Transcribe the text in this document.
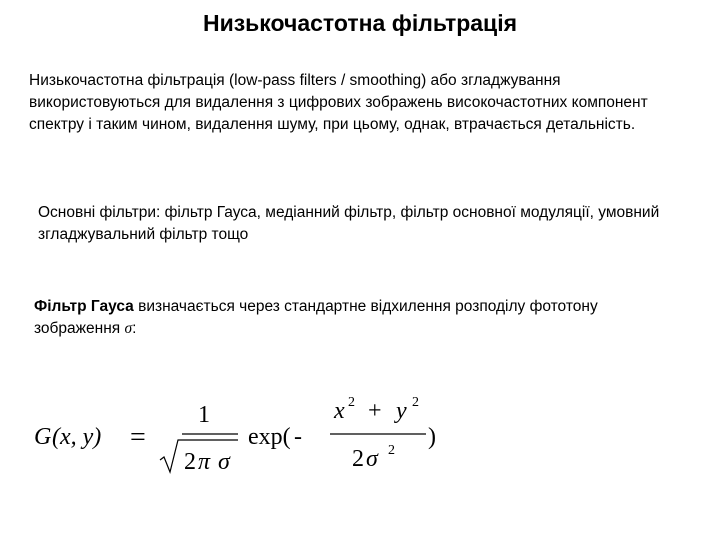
Низькочастотна фільтрація
Низькочастотна фільтрація (low-pass filters / smoothing) або згладжування використовуються для видалення з цифрових зображень високочастотних компонент спектру і таким чином, видалення шуму, при цьому, однак, втрачається детальність.
Основні фільтри: фільтр Гауса, медіанний фільтр, фільтр основної модуляції, умовний згладжувальний фільтр тощо
Фільтр Гауса визначається через стандартне відхилення розподілу фототону зображення σ:
G (x, y) =
1
2 π σ
exp( -
x 2 + y 2
2 σ 2
)
